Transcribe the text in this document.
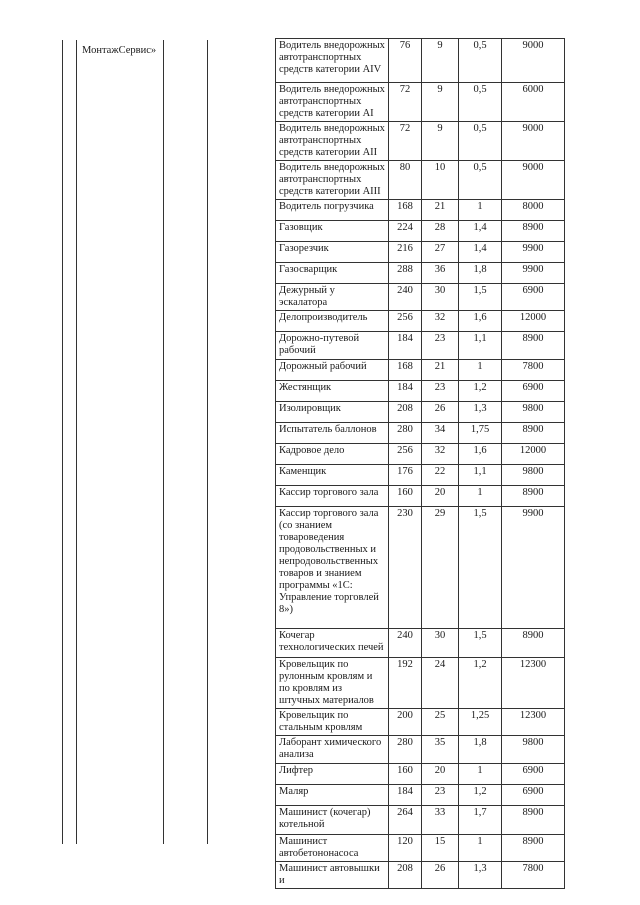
МонтажСервис»	Водитель внедорожных автотранспортных средств категории AIV	76	9	0,5	9000
Водитель внедорожных автотранспортных средств категории AI	72	9	0,5	6000
Водитель внедорожных автотранспортных средств категории AII	72	9	0,5	9000
Водитель внедорожных автотранспортных средств категории AIII	80	10	0,5	9000
Водитель погрузчика	168	21	1	8000
Газовщик	224	28	1,4	8900
Газорезчик	216	27	1,4	9900
Газосварщик	288	36	1,8	9900
Дежурный у эскалатора	240	30	1,5	6900
Делопроизводитель	256	32	1,6	12000
Дорожно-путевой рабочий	184	23	1,1	8900
Дорожный рабочий	168	21	1	7800
Жестянщик	184	23	1,2	6900
Изолировщик	208	26	1,3	9800
Испытатель баллонов	280	34	1,75	8900
Кадровое дело	256	32	1,6	12000
Каменщик	176	22	1,1	9800
Кассир торгового зала	160	20	1	8900
Кассир торгового зала (со знанием товароведения продовольственных и непродовольственных товаров и знанием программы «1С: Управление торговлей 8»)	230	29	1,5	9900
Кочегар технологических печей	240	30	1,5	8900
Кровельщик по рулонным кровлям и по кровлям из штучных материалов	192	24	1,2	12300
Кровельщик по стальным кровлям	200	25	1,25	12300
Лаборант химического анализа	280	35	1,8	9800
Лифтер	160	20	1	6900
Маляр	184	23	1,2	6900
Машинист (кочегар) котельной	264	33	1,7	8900
Машинист автобетононасоса	120	15	1	8900
Машинист автовышки и	208	26	1,3	7800
